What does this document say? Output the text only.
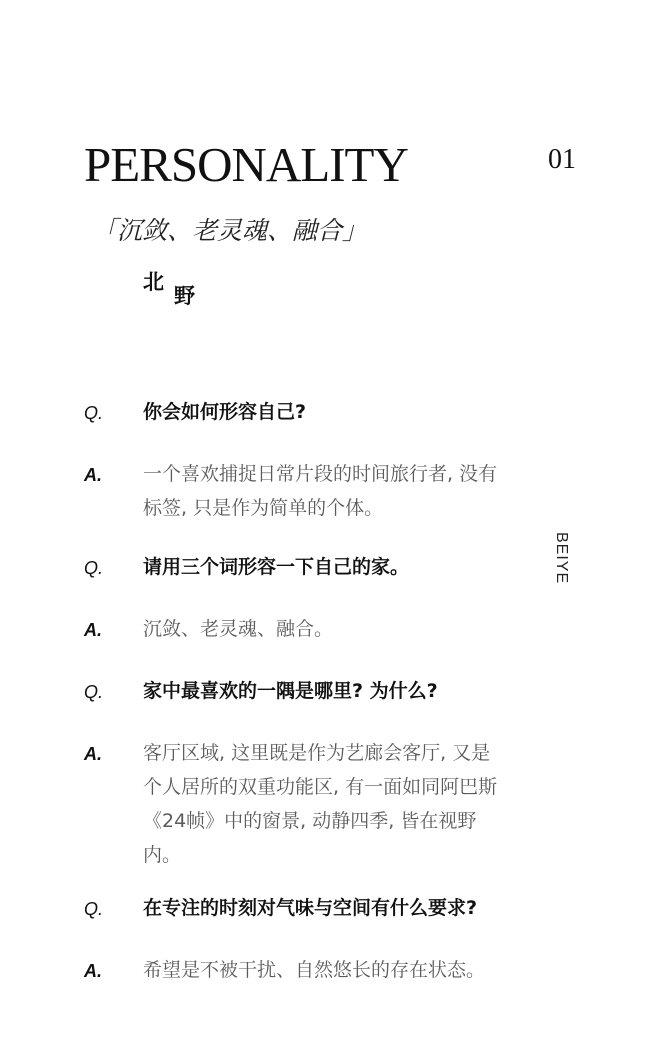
PERSONALITY	01
「沉敛、老灵魂、融合」
北
野
BEIYE
Q.	你会如何形容自己?
A.	一个喜欢捕捉日常片段的时间旅行者, 没有标签, 只是作为简单的个体。
Q.	请用三个词形容一下自己的家。
A.	沉敛、老灵魂、融合。
Q.	家中最喜欢的一隅是哪里? 为什么?
A.	客厅区域, 这里既是作为艺廊会客厅, 又是个人居所的双重功能区, 有一面如同阿巴斯《24帧》中的窗景, 动静四季, 皆在视野内。
Q.	在专注的时刻对气味与空间有什么要求?
A.	希望是不被干扰、自然悠长的存在状态。
